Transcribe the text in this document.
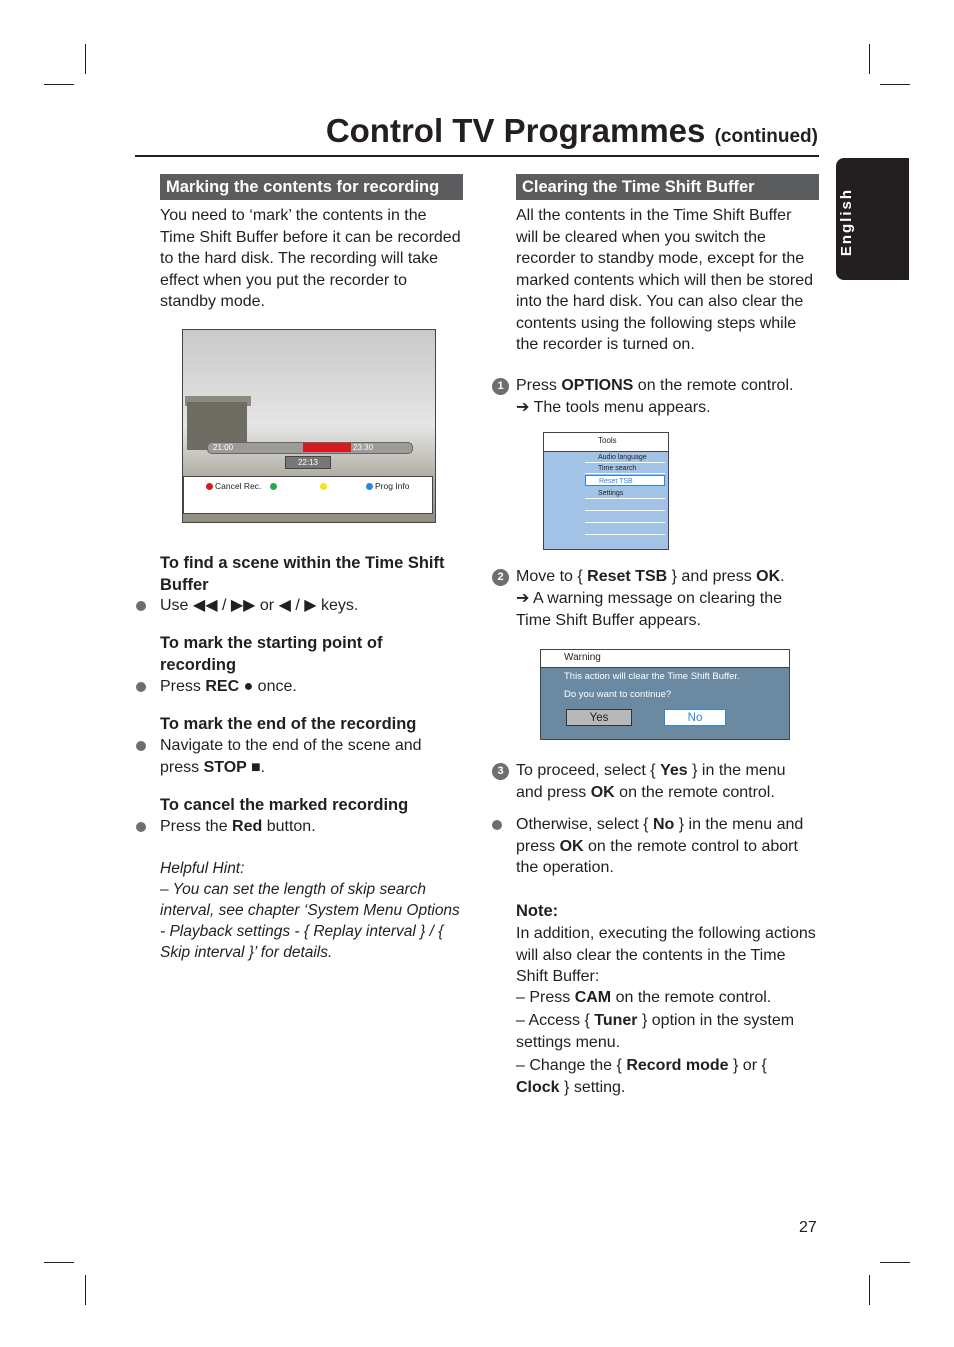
Control TV Programmes (continued)
English
Marking the contents for recording
You need to ‘mark’ the contents in the Time Shift Buffer before it can be recorded to the hard disk. The recording will take effect when you put the recorder to standby mode.
21:00	23:30
22:13
Cancel Rec.	Prog Info
To find a scene within the Time Shift Buffer
Use ◀◀ / ▶▶ or ◀ / ▶ keys.
To mark the starting point of recording
Press REC ● once.
To mark the end of the recording
Navigate to the end of the scene and press STOP ■.
To cancel the marked recording
Press the Red button.
Helpful Hint:
– You can set the length of skip search interval, see chapter ‘System Menu Options - Playback settings - { Replay interval } / { Skip interval }’ for details.
Clearing the Time Shift Buffer
All the contents in the Time Shift Buffer will be cleared when you switch the recorder to standby mode, except for the marked contents which will then be stored into the hard disk. You can also clear the contents using the following steps while the recorder is turned on.
1 Press OPTIONS on the remote control.
➔ The tools menu appears.
Tools
Audio language
Time search
Reset TSB
Settings
2 Move to { Reset TSB } and press OK.
➔ A warning message on clearing the Time Shift Buffer appears.
Warning
This action will clear the Time Shift Buffer.
Do you want to continue?
Yes	No
3 To proceed, select { Yes } in the menu and press OK on the remote control.
Otherwise, select { No } in the menu and press OK on the remote control to abort the operation.
Note:
In addition, executing the following actions will also clear the contents in the Time Shift Buffer:
– Press CAM on the remote control.
– Access { Tuner } option in the system settings menu.
– Change the { Record mode } or { Clock } setting.
27
